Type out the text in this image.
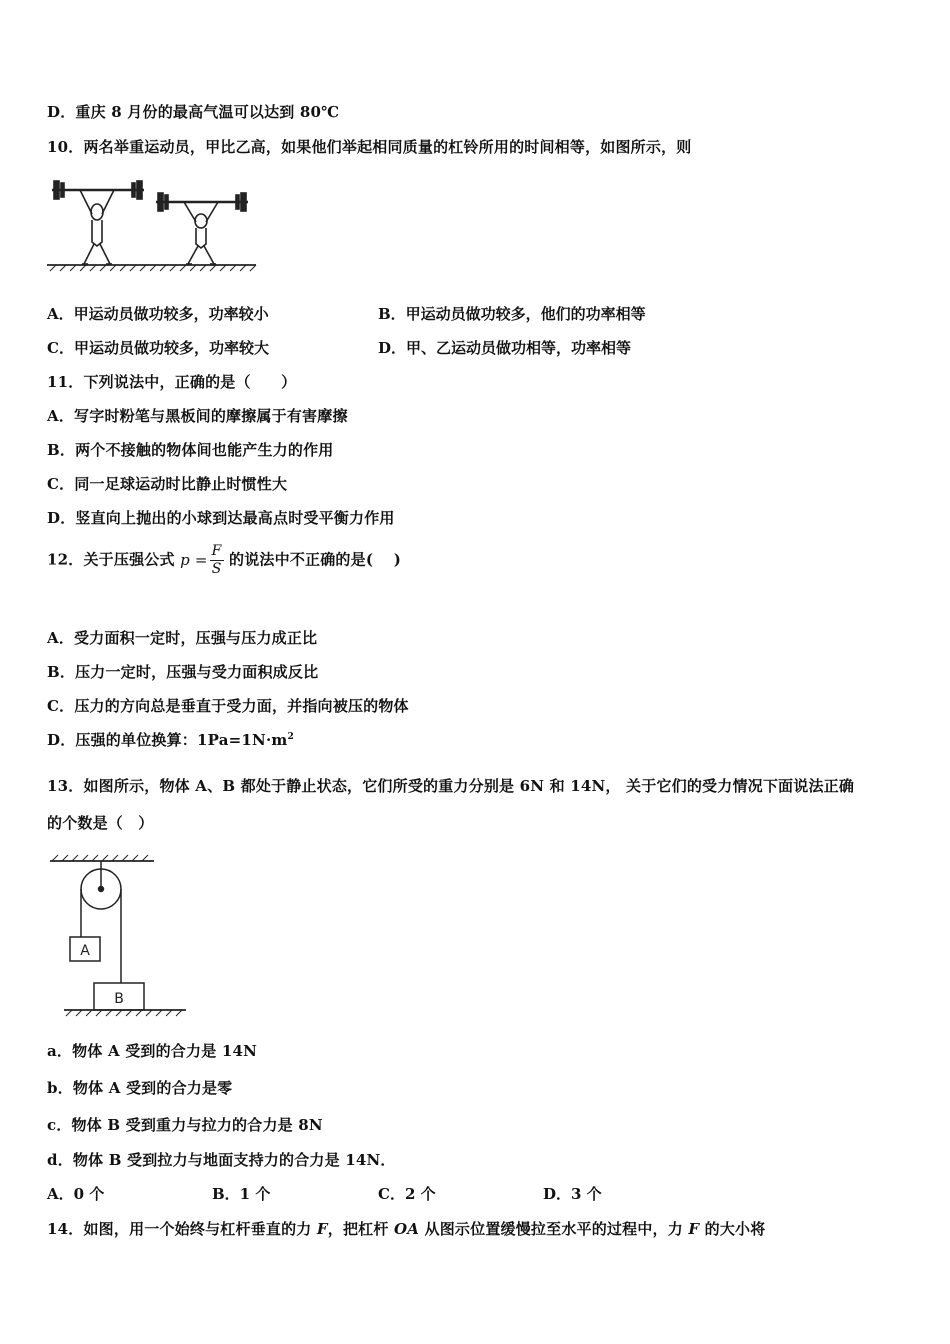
D．重庆 8 月份的最高气温可以达到 80℃
10．两名举重运动员，甲比乙高，如果他们举起相同质量的杠铃所用的时间相等，如图所示，则
A．甲运动员做功较多，功率较小	B．甲运动员做功较多，他们的功率相等
C．甲运动员做功较多，功率较大	D．甲、乙运动员做功相等，功率相等
11．下列说法中，正确的是（　　）
A．写字时粉笔与黑板间的摩擦属于有害摩擦
B．两个不接触的物体间也能产生力的作用
C．同一足球运动时比静止时惯性大
D．竖直向上抛出的小球到达最高点时受平衡力作用
12．关于压强公式 $p = \frac{F}{S}$ 的说法中不正确的是(　 )
A．受力面积一定时，压强与压力成正比
B．压力一定时，压强与受力面积成反比
C．压力的方向总是垂直于受力面，并指向被压的物体
D．压强的单位换算：$1Pa=1N\cdot m^2$
13．如图所示，物体 A、B 都处于静止状态，它们所受的重力分别是 6N 和 14N， 关于它们的受力情况下面说法正确
的个数是（　）
A
B
a．物体 A 受到的合力是 14N
b．物体 A 受到的合力是零
c．物体 B 受到重力与拉力的合力是 8N
d．物体 B 受到拉力与地面支持力的合力是 14N．
A．0 个	B．1 个	C．2 个	D．3 个
14．如图，用一个始终与杠杆垂直的力 F，把杠杆 OA 从图示位置缓慢拉至水平的过程中，力 F 的大小将
